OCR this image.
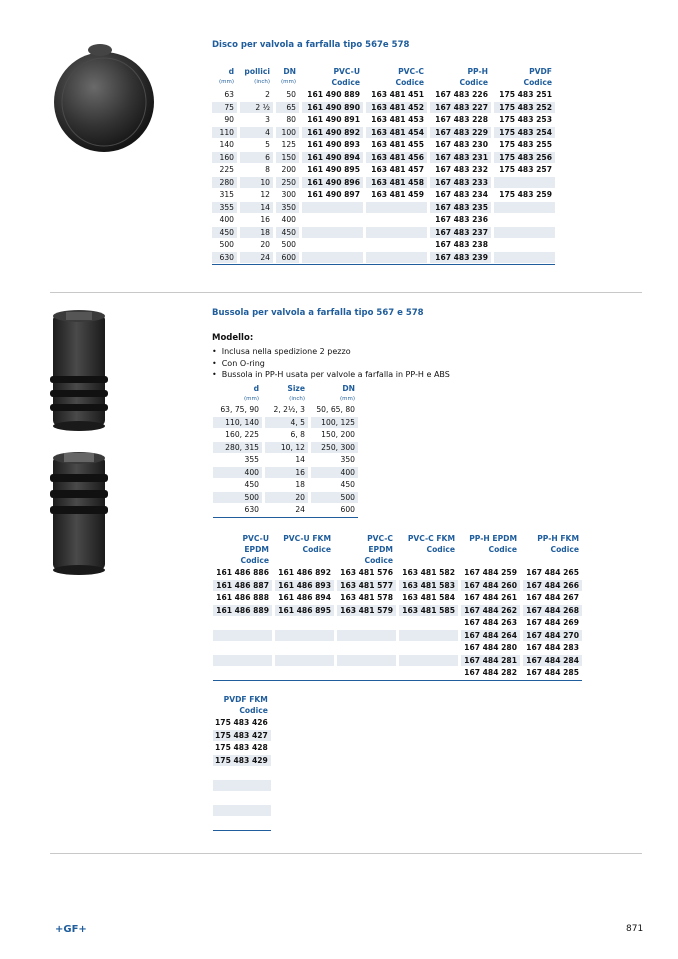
Disco per valvola a farfalla tipo 567e 578
d	pollici	DN	PVC-U	PVC-C	PP-H	PVDF
(mm)	(inch)	(mm)	Codice	Codice	Codice	Codice
63	2	50	161 490 889	163 481 451	167 483 226	175 483 251
75	2 ½	65	161 490 890	163 481 452	167 483 227	175 483 252
90	3	80	161 490 891	163 481 453	167 483 228	175 483 253
110	4	100	161 490 892	163 481 454	167 483 229	175 483 254
140	5	125	161 490 893	163 481 455	167 483 230	175 483 255
160	6	150	161 490 894	163 481 456	167 483 231	175 483 256
225	8	200	161 490 895	163 481 457	167 483 232	175 483 257
280	10	250	161 490 896	163 481 458	167 483 233	
315	12	300	161 490 897	163 481 459	167 483 234	175 483 259
355	14	350			167 483 235	
400	16	400			167 483 236	
450	18	450			167 483 237	
500	20	500			167 483 238	
630	24	600			167 483 239	

Bussola per valvola a farfalla tipo 567 e 578
Modello:
• Inclusa nella spedizione 2 pezzo
• Con O-ring
• Bussola in PP-H usata per valvole a farfalla in PP-H e ABS
d	Size	DN
(mm)	(inch)	(mm)
63, 75, 90	2, 2½, 3	50, 65, 80
110, 140	4, 5	100, 125
160, 225	6, 8	150, 200
280, 315	10, 12	250, 300
355	14	350
400	16	400
450	18	450
500	20	500
630	24	600

PVC-U	PVC-U FKM	PVC-C	PVC-C FKM	PP-H EPDM	PP-H FKM
EPDM	Codice	EPDM	Codice	Codice	Codice
Codice		Codice			
161 486 886	161 486 892	163 481 576	163 481 582	167 484 259	167 484 265
161 486 887	161 486 893	163 481 577	163 481 583	167 484 260	167 484 266
161 486 888	161 486 894	163 481 578	163 481 584	167 484 261	167 484 267
161 486 889	161 486 895	163 481 579	163 481 585	167 484 262	167 484 268
				167 484 263	167 484 269
				167 484 264	167 484 270
				167 484 280	167 484 283
				167 484 281	167 484 284
				167 484 282	167 484 285

PVDF FKM
Codice
175 483 426
175 483 427
175 483 428
175 483 429

+GF+	871
